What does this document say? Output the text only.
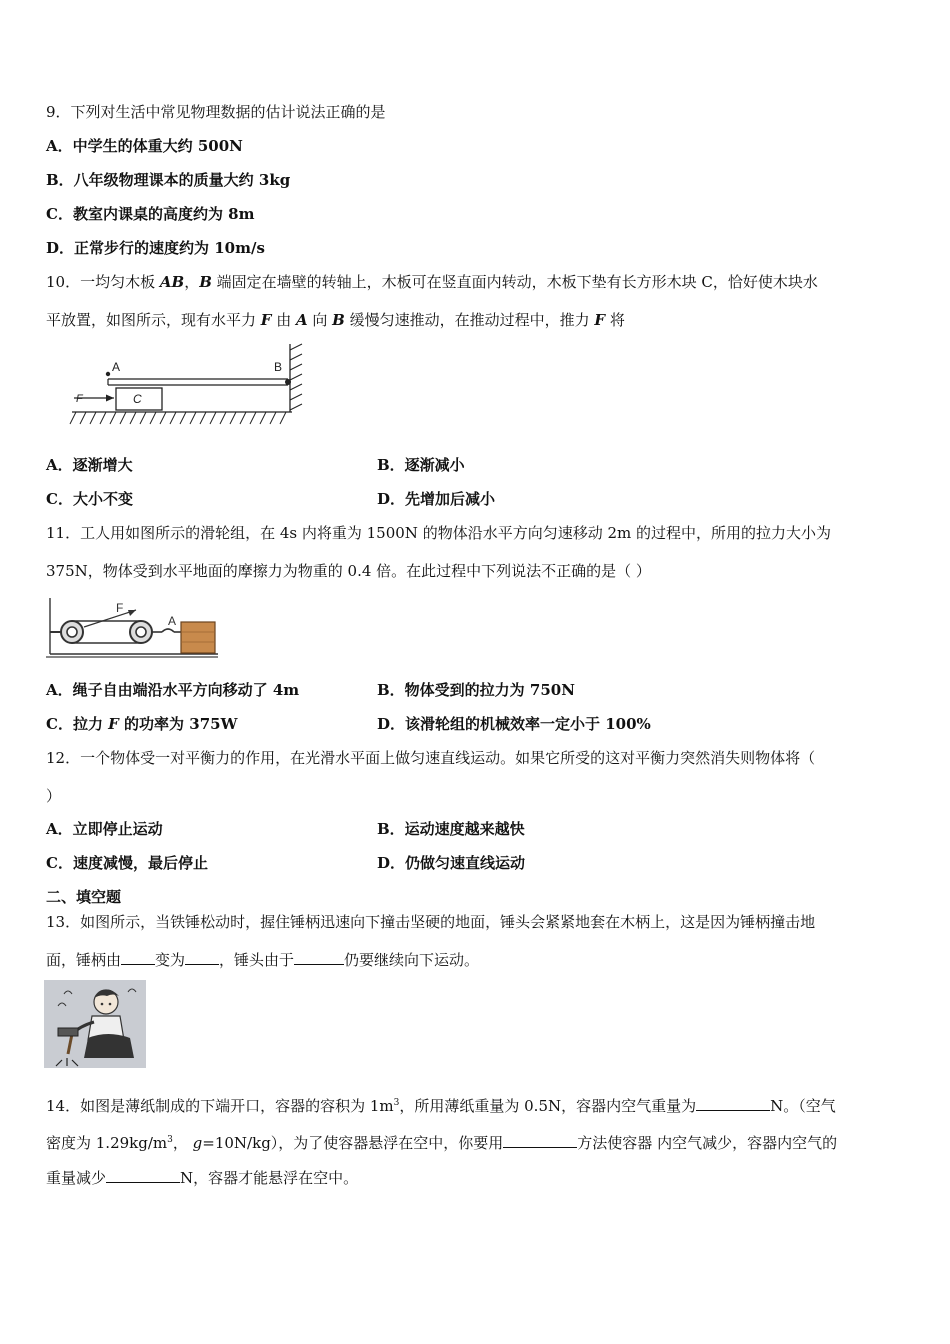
9．下列对生活中常见物理数据的估计说法正确的是
A．中学生的体重大约 500N
B．八年级物理课本的质量大约 3kg
C．教室内课桌的高度约为 8m
D．正常步行的速度约为 10m/s
10．一均匀木板 AB，B 端固定在墙壁的转轴上，木板可在竖直面内转动，木板下垫有长方形木块 C，恰好使木块水
平放置，如图所示，现有水平力 F 由 A 向 B 缓慢匀速推动，在推动过程中，推力 F 将
F
A	B
C
A．逐渐增大	B．逐渐减小
C．大小不变	D．先增加后减小
11．工人用如图所示的滑轮组，在 4s 内将重为 1500N 的物体沿水平方向匀速移动 2m 的过程中，所用的拉力大小为
375N，物体受到水平地面的摩擦力为物重的 0.4 倍。在此过程中下列说法不正确的是（ ）
F
A
A．绳子自由端沿水平方向移动了 4m	B．物体受到的拉力为 750N
C．拉力 F 的功率为 375W	D．该滑轮组的机械效率一定小于 100%
12．一个物体受一对平衡力的作用，在光滑水平面上做匀速直线运动。如果它所受的这对平衡力突然消失则物体将（
）
A．立即停止运动	B．运动速度越来越快
C．速度减慢，最后停止	D．仍做匀速直线运动
二、填空题
13．如图所示，当铁锤松动时，握住锤柄迅速向下撞击坚硬的地面，锤头会紧紧地套在木柄上，这是因为锤柄撞击地
面，锤柄由 变为 ，锤头由于	仍要继续向下运动。
14．如图是薄纸制成的下端开口，容器的容积为 $1m^3$，所用薄纸重量为 0.5N，容器内空气重量为	N。（空气
密度为 $1.29kg/m^3$， g=10N/kg），为了使容器悬浮在空中，你要用	方法使容器 内空气减少，容器内空气的
重量减少	N，容器才能悬浮在空中。
